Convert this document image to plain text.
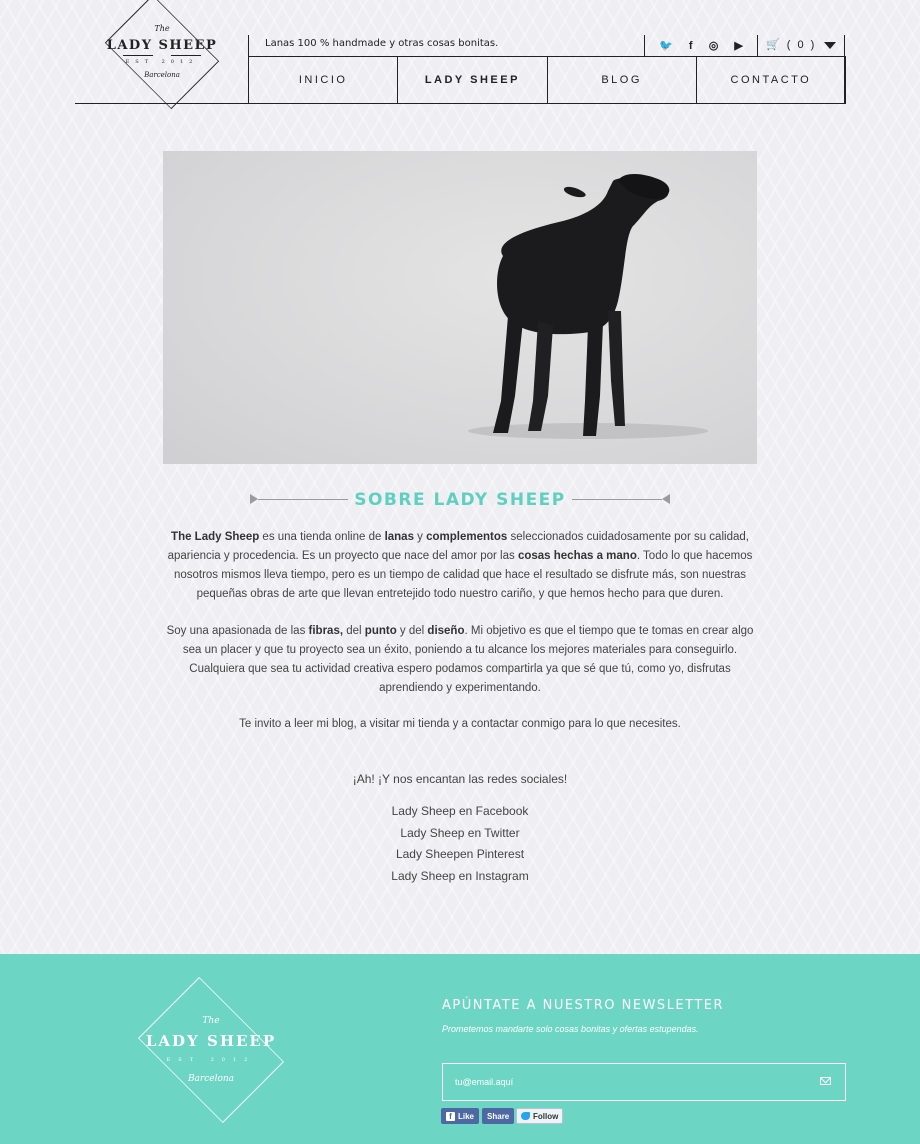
The
LADY SHEEP
EST 2012
Barcelona
Lanas 100 % handmade y otras cosas bonitas.	🐦 f ◎ ▶ 🛒 ( 0 )
INICIO	LADY SHEEP	BLOG	CONTACTO
SOBRE LADY SHEEP

The Lady Sheep es una tienda online de lanas y complementos seleccionados cuidadosamente por su calidad, apariencia y procedencia. Es un proyecto que nace del amor por las cosas hechas a mano. Todo lo que hacemos nosotros mismos lleva tiempo, pero es un tiempo de calidad que hace el resultado se disfrute más, son nuestras pequeñas obras de arte que llevan entretejido todo nuestro cariño, y que hemos hecho para que duren.

Soy una apasionada de las fibras, del punto y del diseño. Mi objetivo es que el tiempo que te tomas en crear algo sea un placer y que tu proyecto sea un éxito, poniendo a tu alcance los mejores materiales para conseguirlo. Cualquiera que sea tu actividad creativa espero podamos compartirla ya que sé que tú, como yo, disfrutas aprendiendo y experimentando.

Te invito a leer mi blog, a visitar mi tienda y a contactar conmigo para lo que necesites.

¡Ah! ¡Y nos encantan las redes sociales!
Lady Sheep en Facebook
Lady Sheep en Twitter
Lady Sheepen Pinterest
Lady Sheep en Instagram
The
LADY SHEEP
EST 2012
Barcelona
APÚNTATE A NUESTRO NEWSLETTER
Prometemos mandarte solo cosas bonitas y ofertas estupendas.
tu@email.aquí
f Like	Share	Follow
